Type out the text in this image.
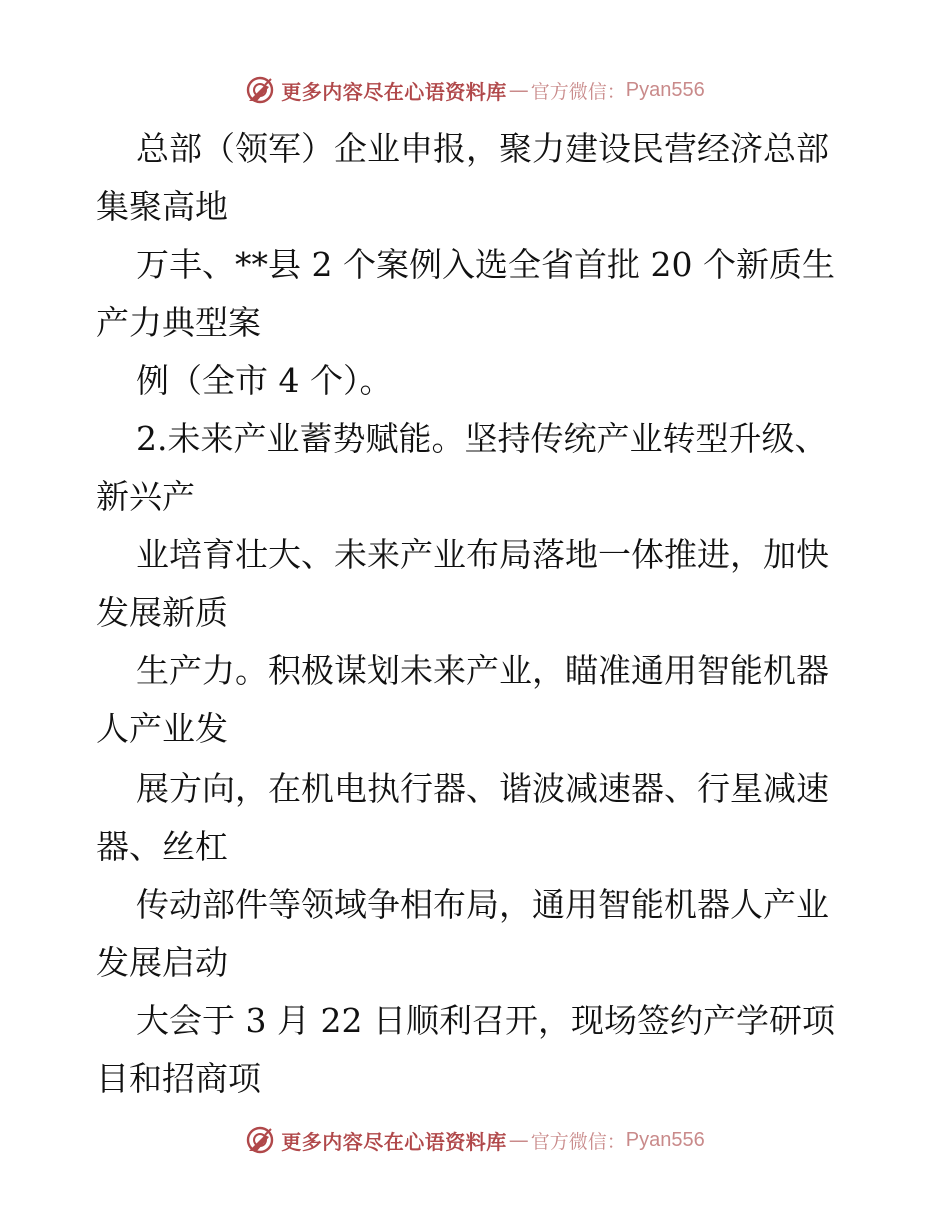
更多内容尽在心语资料库 — 官方微信： Pyan556
总部（领军）企业申报，聚力建设民营经济总部
集聚高地
万丰、**县 2 个案例入选全省首批 20 个新质生
产力典型案
例（全市 4 个）。
2.未来产业蓄势赋能。坚持传统产业转型升级、
新兴产
业培育壮大、未来产业布局落地一体推进，加快
发展新质
生产力。积极谋划未来产业，瞄准通用智能机器
人产业发
展方向，在机电执行器、谐波减速器、行星减速
器、丝杠
传动部件等领域争相布局，通用智能机器人产业
发展启动
大会于 3 月 22 日顺利召开，现场签约产学研项
目和招商项
更多内容尽在心语资料库 — 官方微信： Pyan556
